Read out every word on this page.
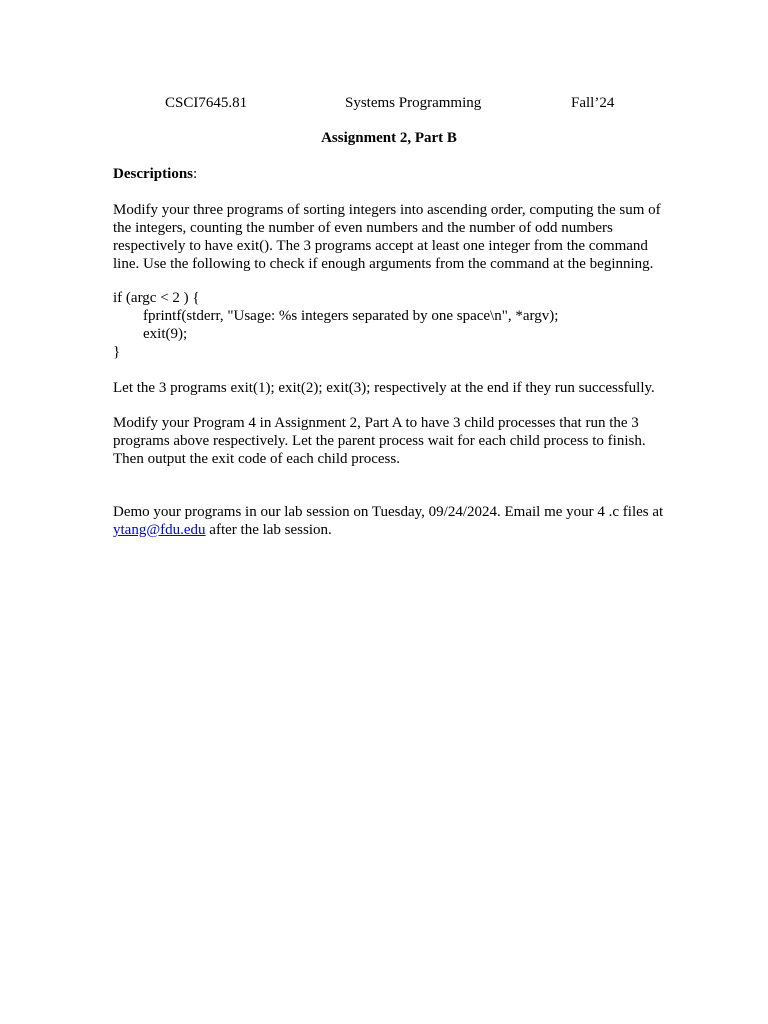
CSCI7645.81	Systems Programming	Fall’24
Assignment 2, Part B
Descriptions:

Modify your three programs of sorting integers into ascending order, computing the sum of the integers, counting the number of even numbers and the number of odd numbers respectively to have exit(). The 3 programs accept at least one integer from the command line. Use the following to check if enough arguments from the command at the beginning.

if (argc < 2 ) {
fprintf(stderr, "Usage: %s integers separated by one space\n", *argv);
exit(9);
}

Let the 3 programs exit(1); exit(2); exit(3); respectively at the end if they run successfully.

Modify your Program 4 in Assignment 2, Part A to have 3 child processes that run the 3 programs above respectively. Let the parent process wait for each child process to finish. Then output the exit code of each child process.

Demo your programs in our lab session on Tuesday, 09/24/2024. Email me your 4 .c files at ytang@fdu.edu after the lab session.
